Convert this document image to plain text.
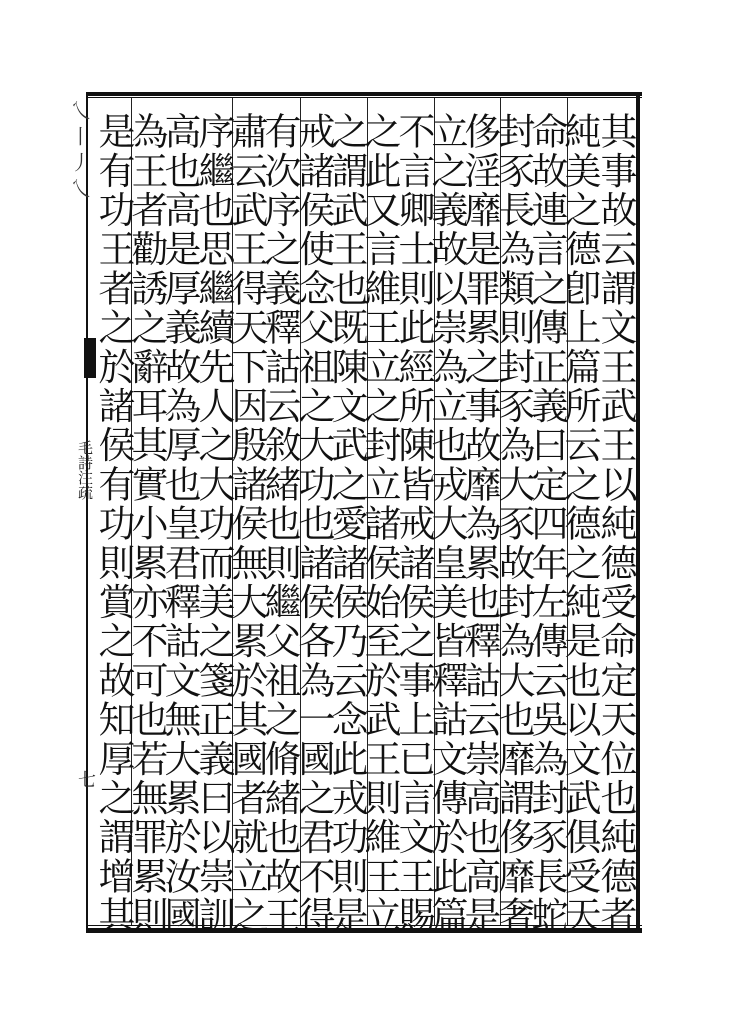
乀丨丿乀
毛詩注疏
七	其事故云謂文王武王以純德受命定天位也純德者
純美之德卽上篇所云之德之純是也以文武俱受天
命故連言之傳正義曰定四年左傳云吳為封豕長蛇
封豕長為類則封豕為大豕故封為大也靡謂侈靡奢
侈淫靡是罪累之事故靡為累也釋詁云崇高也高是
立之義故以崇為立也戎大皇美皆釋詁文傳於此篇
不言卿士則此經所陳皆戒諸侯之事上已言文王賜
之此又言維王立之封立諸侯始至於武王則維王立
之謂武王也既陳文武之愛諸侯乃云念此戎功則是
戒諸侯使念父祖之大功也諸侯各為一國之君不得
有次序之義釋詁云敘緒也則繼父祖之脩緒也故王
肅云武王得天下因殷諸侯無大累於其國者就立之
序繼也思繼續先人之大功而美之箋正義曰以崇訓
高也高是厚義故為厚也皇君釋詁文無大累於汝國
為王者勸誘之辭耳其實小累亦不可也若無罪累則
是有功王者之於諸侯有功則賞之故知厚之謂增其
